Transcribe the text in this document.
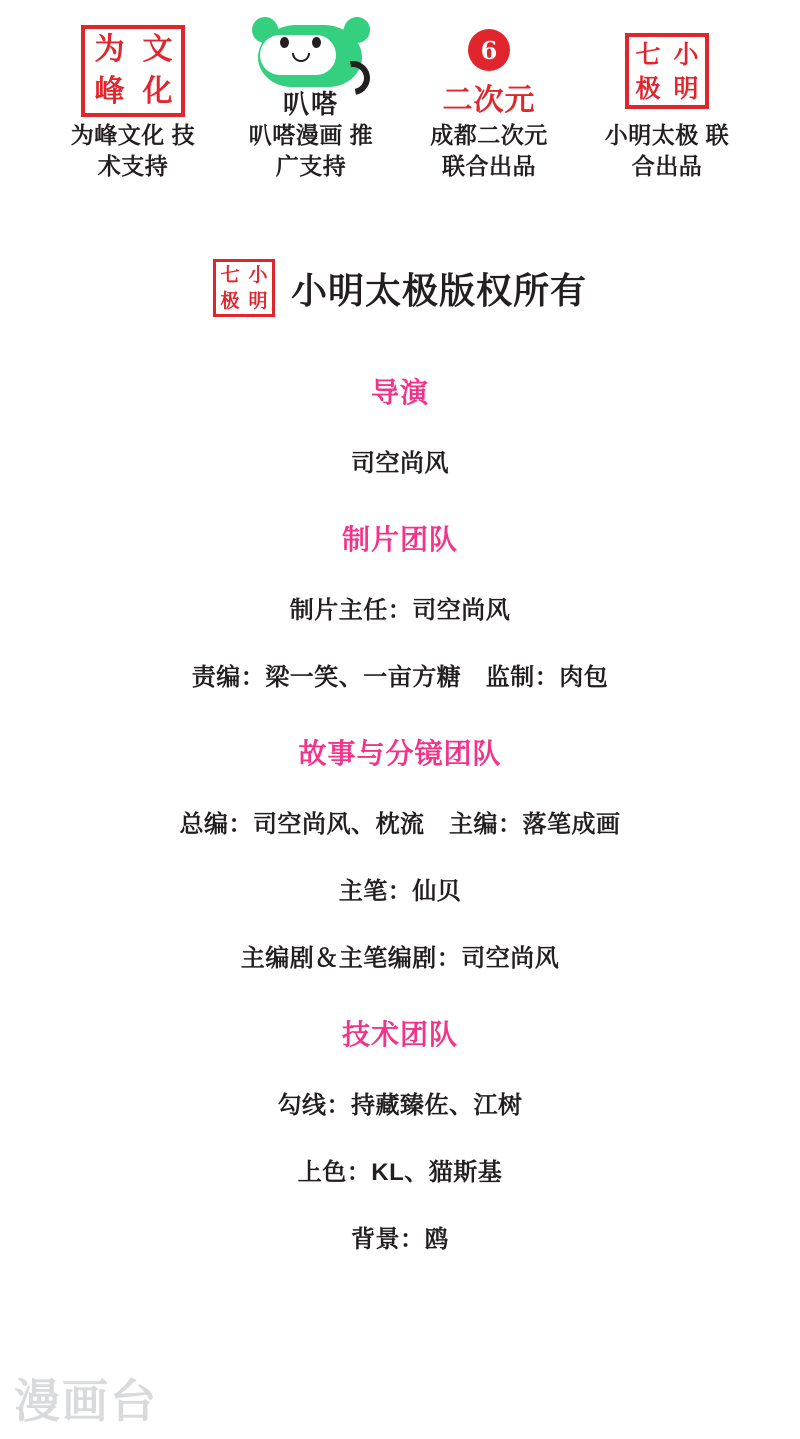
为 文
峰 化
为峰文化 技术支持
叭嗒
叭嗒漫画 推广支持
6
二次元
成都二次元 联合出品
七 小
极 明
小明太极 联合出品
七 小
极 明 小明太极版权所有
导演
司空尚风
制片团队
制片主任：司空尚风
责编：梁一笑、一亩方糖　监制：肉包
故事与分镜团队
总编：司空尚风、枕流　主编：落笔成画
主笔：仙贝
主编剧＆主笔编剧：司空尚风
技术团队
勾线：持藏臻佐、江树
上色：KL、猫斯基
背景：鸥
漫画台
